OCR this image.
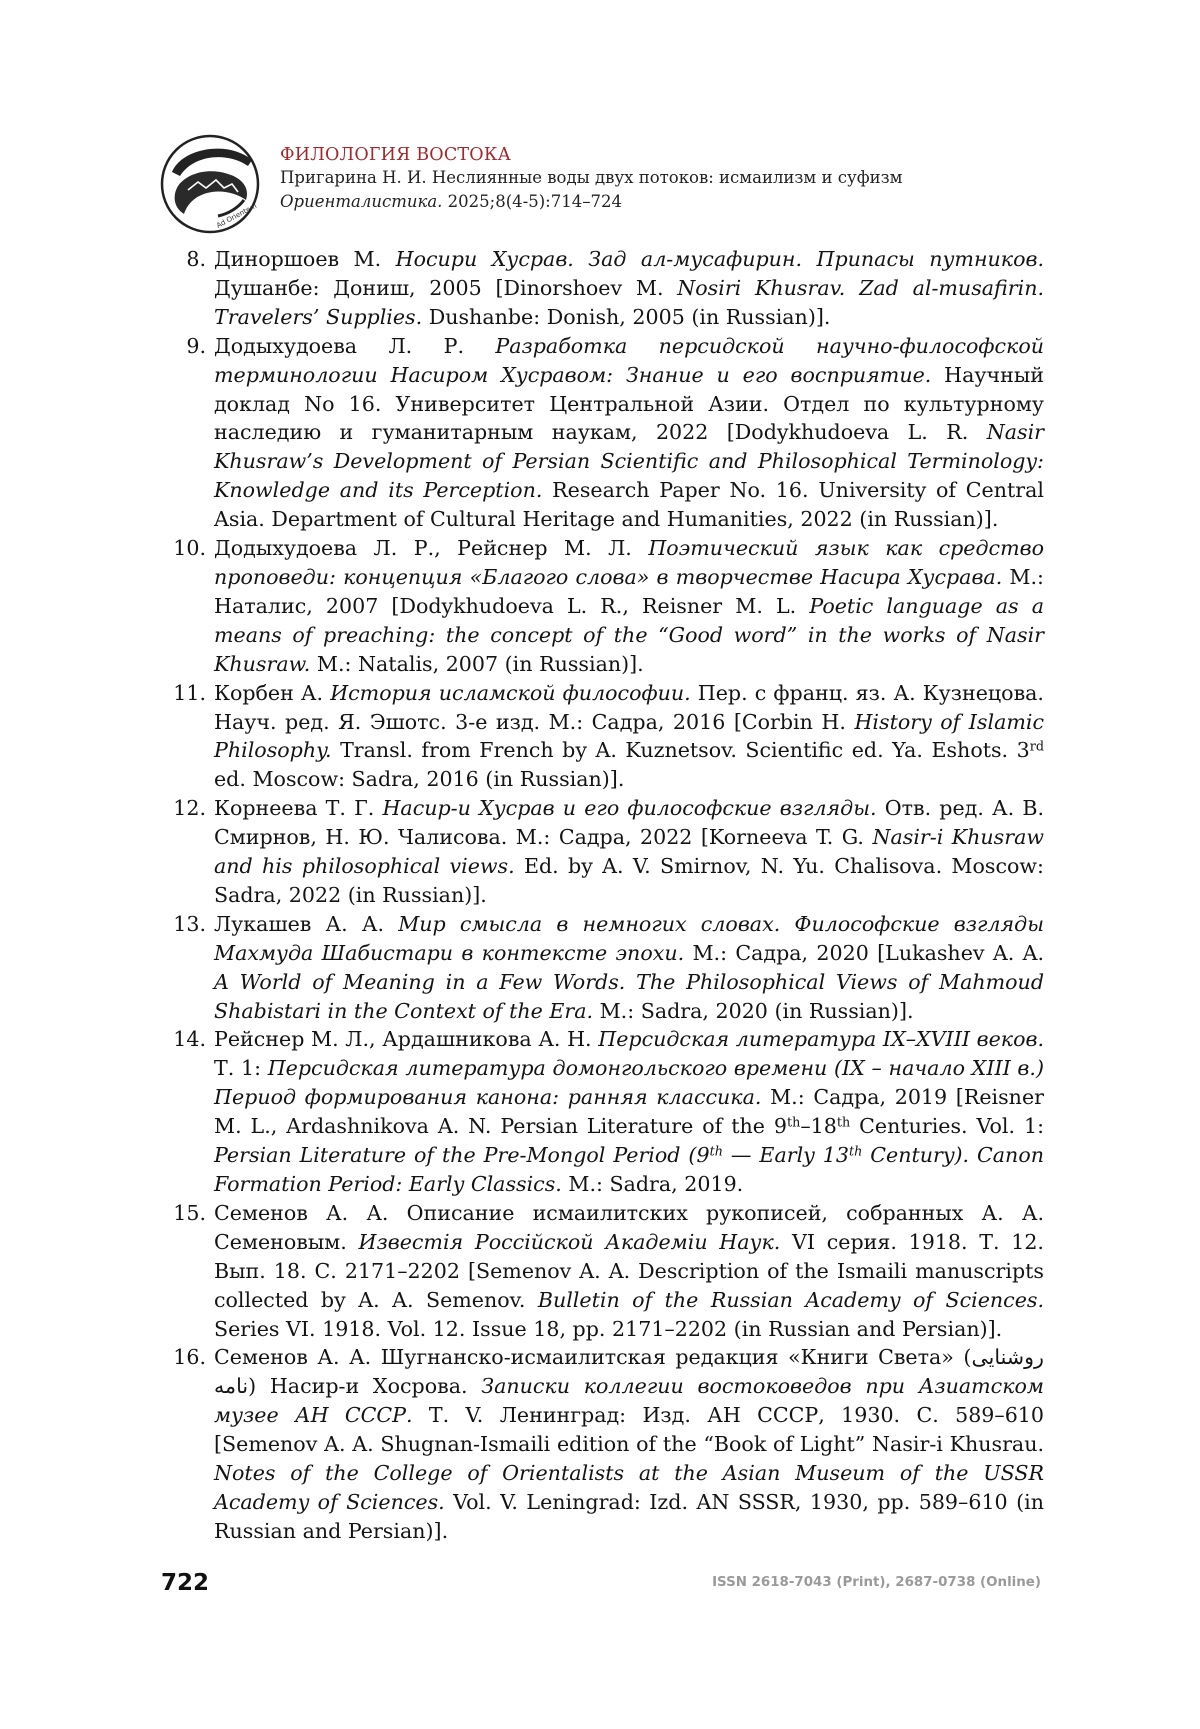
Ad Orientem
ФИЛОЛОГИЯ ВОСТОКА
Пригарина Н. И. Неслиянные воды двух потоков: исмаилизм и суфизм
Ориенталистика. 2025;8(4-5):714–724
8. Диноршоев М. Носири Хусрав. Зад ал-мусафирин. Припасы путников. Душанбе: Дониш, 2005 [Dinorshoev M. Nosiri Khusrav. Zad al-musafirin. Travelers’ Supplies. Dushanbe: Donish, 2005 (in Russian)].
9. Додыхудоева Л. Р. Разработка персидской научно-философской терминологии Насиром Хусравом: Знание и его восприятие. Научный доклад No 16. Университет Центральной Азии. Отдел по культурному наследию и гуманитарным наукам, 2022 [Dodykhudoeva L. R. Nasir Khusraw’s Development of Persian Scientific and Philosophical Terminology: Knowledge and its Perception. Research Paper No. 16. University of Central Asia. Department of Cultural Heritage and Humanities, 2022 (in Russian)].
10. Додыхудоева Л. Р., Рейснер М. Л. Поэтический язык как средство проповеди: концепция «Благого слова» в творчестве Насира Хусрава. М.: Наталис, 2007 [Dodykhudoeva L. R., Reisner M. L. Poetic language as a means of preaching: the concept of the “Good word” in the works of Nasir Khusraw. M.: Natalis, 2007 (in Russian)].
11. Корбен А. История исламской философии. Пер. с франц. яз. А. Кузнецова. Науч. ред. Я. Эшотс. 3-е изд. М.: Садра, 2016 [Corbin H. History of Islamic Philosophy. Transl. from French by A. Kuznetsov. Scientific ed. Ya. Eshots. 3rd ed. Moscow: Sadra, 2016 (in Russian)].
12. Корнеева Т. Г. Насир-и Хусрав и его философские взгляды. Отв. ред. А. В. Смирнов, Н. Ю. Чалисова. М.: Садра, 2022 [Korneeva T. G. Nasir-i Khusraw and his philosophical views. Ed. by A. V. Smirnov, N. Yu. Chalisova. Moscow: Sadra, 2022 (in Russian)].
13. Лукашев А. А. Мир смысла в немногих словах. Философские взгляды Махмуда Шабистари в контексте эпохи. М.: Садра, 2020 [Lukashev A. A. A World of Meaning in a Few Words. The Philosophical Views of Mahmoud Shabistari in the Context of the Era. M.: Sadra, 2020 (in Russian)].
14. Рейснер М. Л., Ардашникова А. Н. Персидская литература IX–XVIII веков. Т. 1: Персидская литература домонгольского времени (IX – начало XIII в.) Период формирования канона: ранняя классика. М.: Садра, 2019 [Reisner M. L., Ardashnikova A. N. Persian Literature of the 9th–18th Centuries. Vol. 1: Persian Literature of the Pre-Mongol Period (9th — Early 13th Century). Canon Formation Period: Early Classics. M.: Sadra, 2019.
15. Семенов А. А. Описание исмаилитских рукописей, собранных А. А. Семеновым. Известія Россійской Академіи Наук. VI серия. 1918. Т. 12. Вып. 18. С. 2171–2202 [Semenov A. A. Description of the Ismaili manuscripts collected by A. A. Semenov. Bulletin of the Russian Academy of Sciences. Series VI. 1918. Vol. 12. Issue 18, pp. 2171–2202 (in Russian and Persian)].
16. Семенов А. А. Шугнанско-исмаилитская редакция «Книги Света» (روشنایی نامه) Насир-и Хосрова. Записки коллегии востоковедов при Азиатском музее АН СССР. Т. V. Ленинград: Изд. АН СССР, 1930. С. 589–610 [Semenov A. A. Shugnan-Ismaili edition of the “Book of Light” Nasir-i Khusrau. Notes of the College of Orientalists at the Asian Museum of the USSR Academy of Sciences. Vol. V. Leningrad: Izd. AN SSSR, 1930, pp. 589–610 (in Russian and Persian)].
722	ISSN 2618-7043 (Print), 2687-0738 (Online)
